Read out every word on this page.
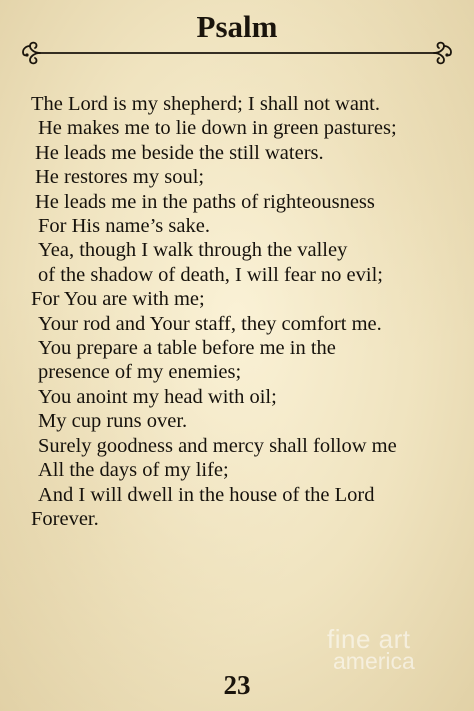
Psalm
The Lord is my shepherd; I shall not want.
He makes me to lie down in green pastures;
He leads me beside the still waters.
He restores my soul;
He leads me in the paths of righteousness
For His name’s sake.
Yea, though I walk through the valley
of the shadow of death, I will fear no evil;
For You are with me;
Your rod and Your staff, they comfort me.
You prepare a table before me in the
presence of my enemies;
You anoint my head with oil;
My cup runs over.
Surely goodness and mercy shall follow me
All the days of my life;
And I will dwell in the house of the Lord
Forever.
fine art
america
23
